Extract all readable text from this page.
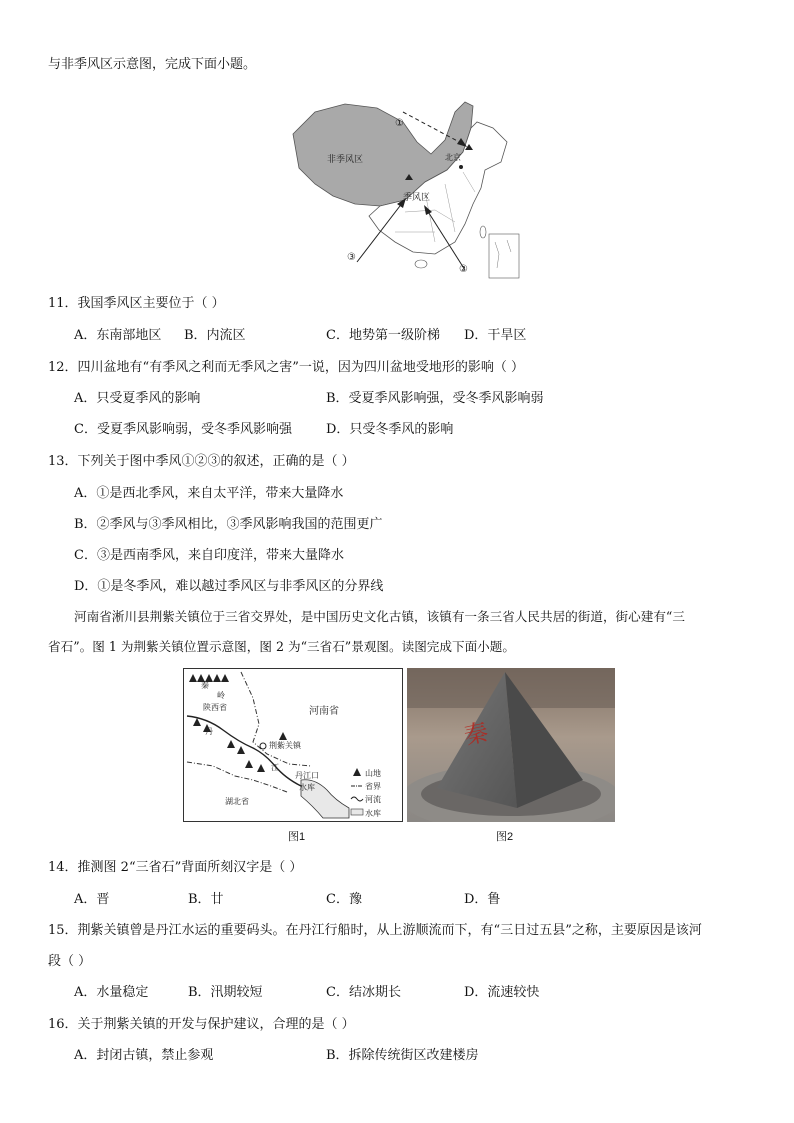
与非季风区示意图，完成下面小题。
非季风区
季风区
北京
①
②
③
11．我国季风区主要位于（ ）
A．东南部地区 B．内流区	C．地势第一级阶梯 D．干旱区
12．四川盆地有“有季风之利而无季风之害”一说，因为四川盆地受地形的影响（ ）
A．只受夏季风的影响	B．受夏季风影响强，受冬季风影响弱
C．受夏季风影响弱，受冬季风影响强	D．只受冬季风的影响
13．下列关于图中季风①②③的叙述，正确的是（ ）
A．①是西北季风，来自太平洋，带来大量降水
B．②季风与③季风相比，③季风影响我国的范围更广
C．③是西南季风，来自印度洋，带来大量降水
D．①是冬季风，难以越过季风区与非季风区的分界线
河南省淅川县荆紫关镇位于三省交界处，是中国历史文化古镇，该镇有一条三省人民共居的街道，街心建有“三
省石”。图 1 为荆紫关镇位置示意图，图 2 为“三省石”景观图。读图完成下面小题。
山地
省界
河流
水库
秦
岭
陕西省	河南省
丹
荆紫关镇
江
丹江口
水库
湖北省
图1
秦
图2
14．推测图 2“三省石”背面所刻汉字是（ ）
A．晋	B．廿	C．豫	D．鲁
15．荆紫关镇曾是丹江水运的重要码头。在丹江行船时，从上游顺流而下，有“三日过五县”之称，主要原因是该河
段（ ）
A．水量稳定	B．汛期较短	C．结冰期长	D．流速较快
16．关于荆紫关镇的开发与保护建议，合理的是（ ）
A．封闭古镇，禁止参观	B．拆除传统街区改建楼房
